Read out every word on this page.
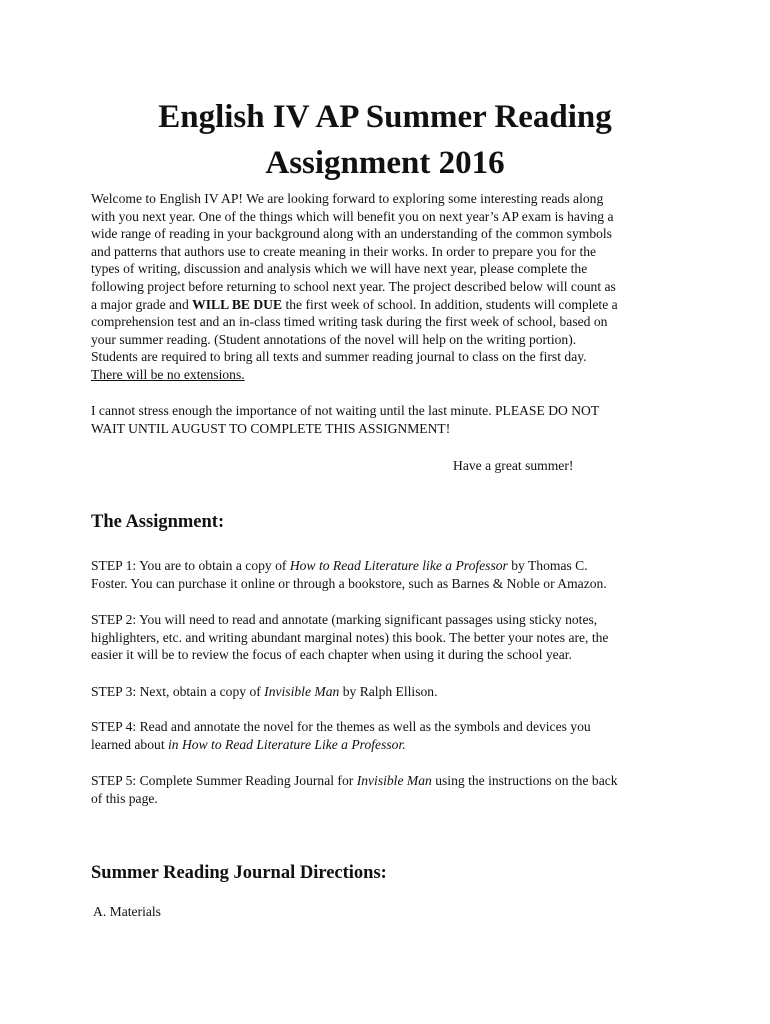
English IV AP Summer Reading
Assignment 2016

Welcome to English IV AP! We are looking forward to exploring some interesting reads along
with you next year. One of the things which will benefit you on next year’s AP exam is having a
wide range of reading in your background along with an understanding of the common symbols
and patterns that authors use to create meaning in their works. In order to prepare you for the
types of writing, discussion and analysis which we will have next year, please complete the
following project before returning to school next year. The project described below will count as
a major grade and WILL BE DUE the first week of school. In addition, students will complete a
comprehension test and an in-class timed writing task during the first week of school, based on
your summer reading. (Student annotations of the novel will help on the writing portion).
Students are required to bring all texts and summer reading journal to class on the first day.
There will be no extensions.

I cannot stress enough the importance of not waiting until the last minute. PLEASE DO NOT
WAIT UNTIL AUGUST TO COMPLETE THIS ASSIGNMENT!

Have a great summer!

The Assignment:

STEP 1: You are to obtain a copy of How to Read Literature like a Professor by Thomas C.
Foster. You can purchase it online or through a bookstore, such as Barnes & Noble or Amazon.

STEP 2: You will need to read and annotate (marking significant passages using sticky notes,
highlighters, etc. and writing abundant marginal notes) this book. The better your notes are, the
easier it will be to review the focus of each chapter when using it during the school year.

STEP 3: Next, obtain a copy of Invisible Man by Ralph Ellison.

STEP 4: Read and annotate the novel for the themes as well as the symbols and devices you
learned about in How to Read Literature Like a Professor.

STEP 5: Complete Summer Reading Journal for Invisible Man using the instructions on the back
of this page.

Summer Reading Journal Directions:

A. Materials
